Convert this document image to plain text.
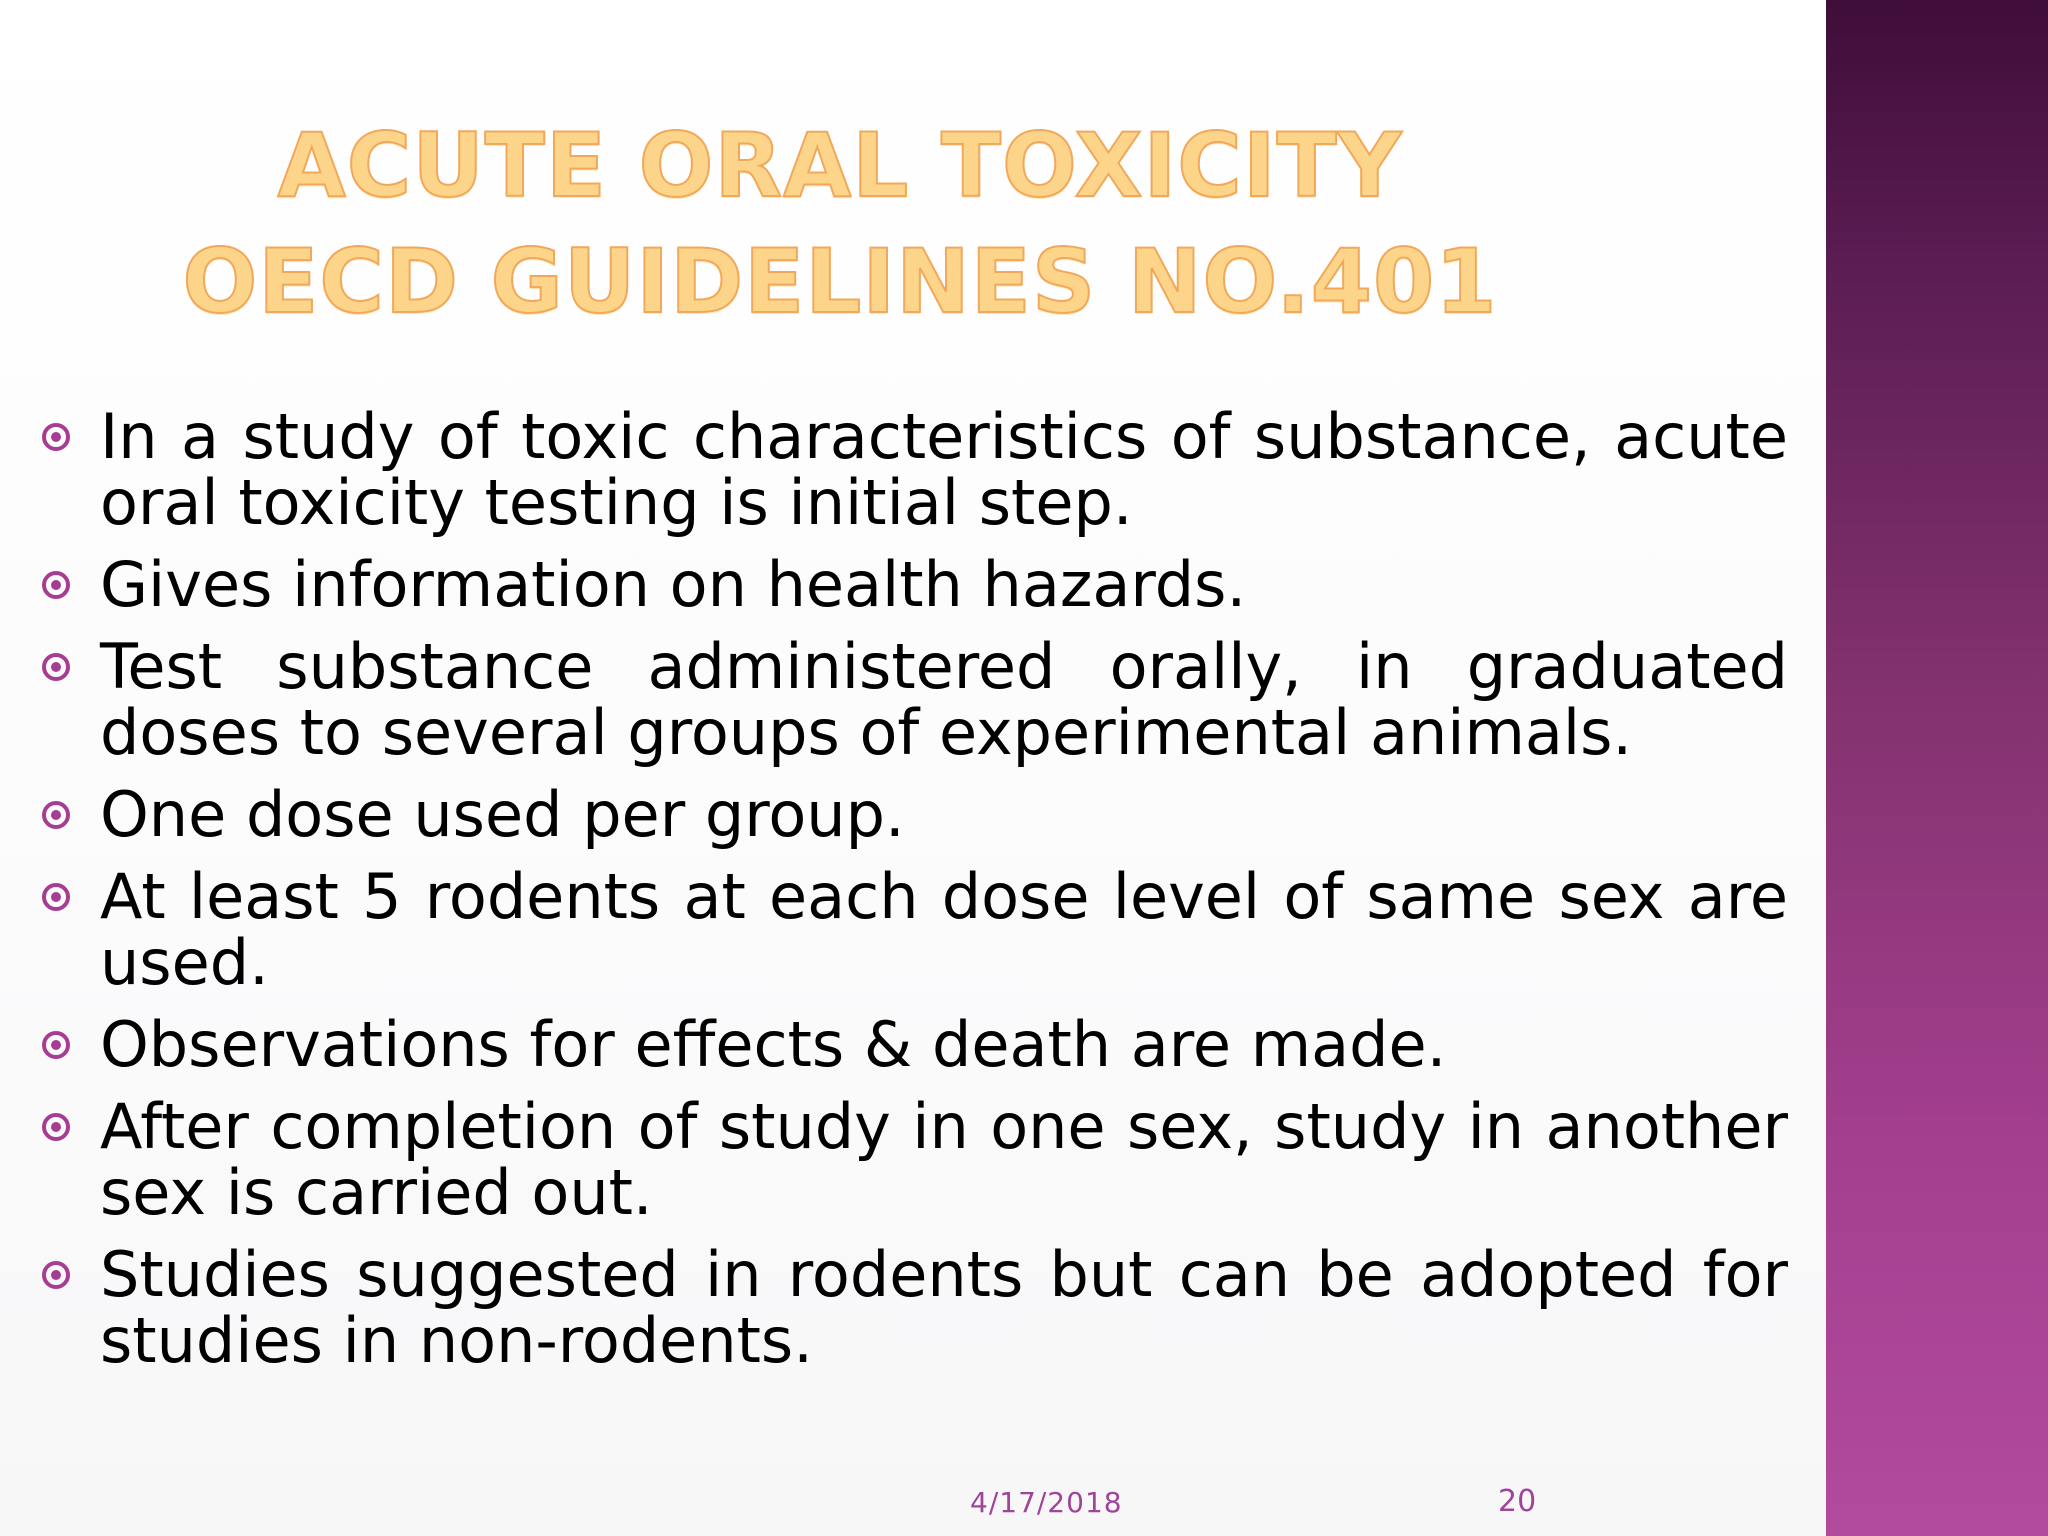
ACUTE ORAL TOXICITY
OECD GUIDELINES NO.401
In a study of toxic characteristics of substance, acute oral toxicity testing is initial step.
Gives information on health hazards.
Test substance administered orally, in graduated doses to several groups of experimental animals.
One dose used per group.
At least 5 rodents at each dose level of same sex are used.
Observations for effects & death are made.
After completion of study in one sex, study in another sex is carried out.
Studies suggested in rodents but can be adopted for studies in non-rodents.
4/17/2018	20
